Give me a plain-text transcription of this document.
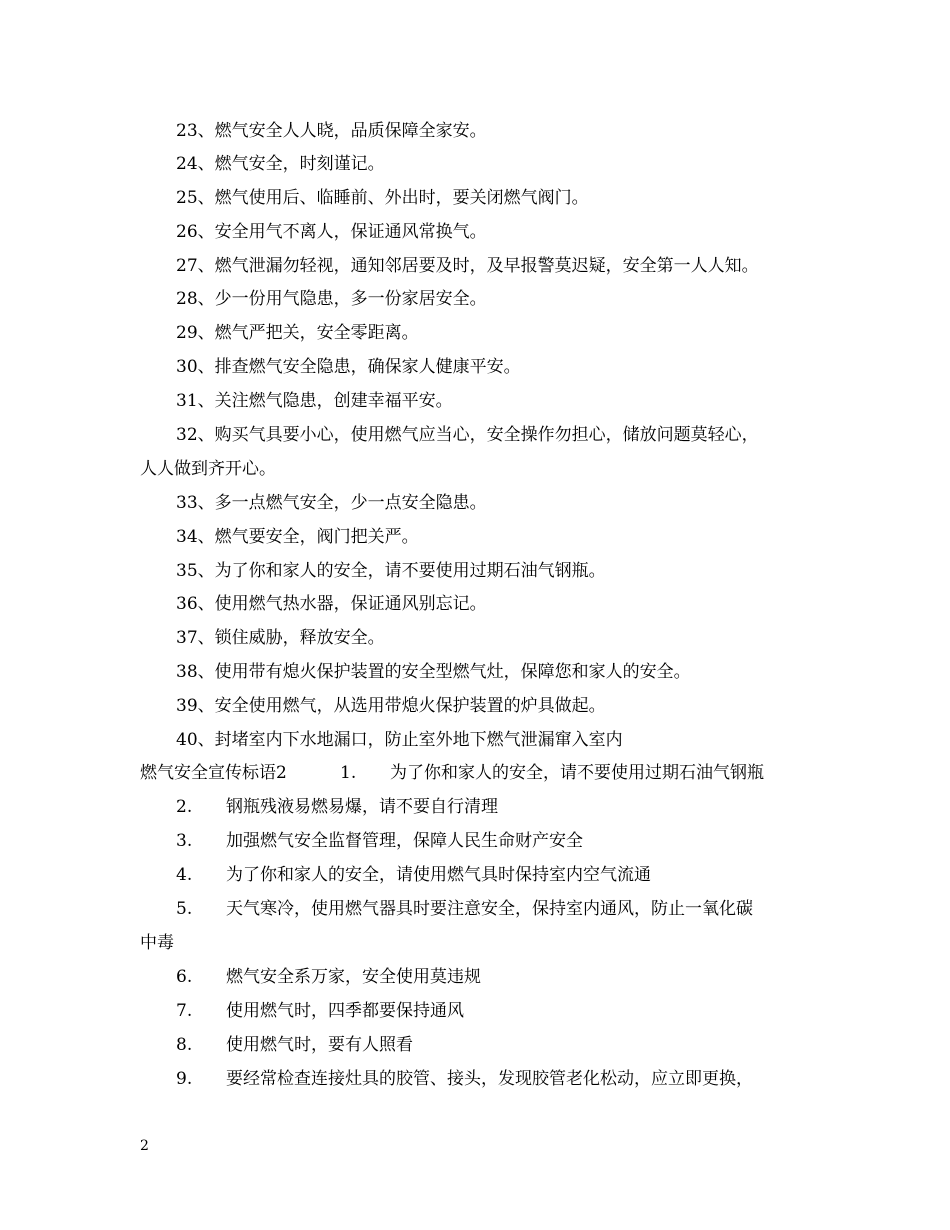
23、燃气安全人人晓，品质保障全家安。
24、燃气安全，时刻谨记。
25、燃气使用后、临睡前、外出时，要关闭燃气阀门。
26、安全用气不离人，保证通风常换气。
27、燃气泄漏勿轻视，通知邻居要及时，及早报警莫迟疑，安全第一人人知。
28、少一份用气隐患，多一份家居安全。
29、燃气严把关，安全零距离。
30、排查燃气安全隐患，确保家人健康平安。
31、关注燃气隐患，创建幸福平安。
32、购买气具要小心，使用燃气应当心，安全操作勿担心，储放问题莫轻心，
人人做到齐开心。
33、多一点燃气安全，少一点安全隐患。
34、燃气要安全，阀门把关严。
35、为了你和家人的安全，请不要使用过期石油气钢瓶。
36、使用燃气热水器，保证通风别忘记。
37、锁住威胁，释放安全。
38、使用带有熄火保护装置的安全型燃气灶，保障您和家人的安全。
39、安全使用燃气，从选用带熄火保护装置的炉具做起。
40、封堵室内下水地漏口，防止室外地下燃气泄漏窜入室内
燃气安全宣传标语2	1. 为了你和家人的安全，请不要使用过期石油气钢瓶
2. 钢瓶残液易燃易爆，请不要自行清理
3. 加强燃气安全监督管理，保障人民生命财产安全
4. 为了你和家人的安全，请使用燃气具时保持室内空气流通
5. 天气寒冷，使用燃气器具时要注意安全，保持室内通风，防止一氧化碳
中毒
6. 燃气安全系万家，安全使用莫违规
7. 使用燃气时，四季都要保持通风
8. 使用燃气时，要有人照看
9. 要经常检查连接灶具的胶管、接头，发现胶管老化松动，应立即更换，
2
